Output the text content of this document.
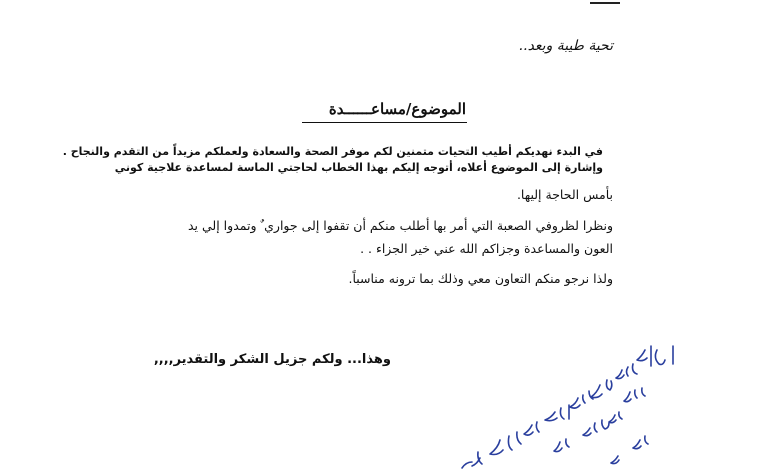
تحية طيبة وبعد..
الموضوع/مساعــــــدة
في البدء نهديكم أطيب التحيات متمنين لكم موفر الصحة والسعادة ولعملكم مزيداً من التقدم والنجاح .
وإشارة إلى الموضوع أعلاه، أتوجه إليكم بهذا الخطاب لحاجتي الماسة لمساعدة علاجية كوني
بأمس الحاجة إليها.
ونظرا لظروفي الصعبة التي أمر بها أطلب منكم أن تقفوا إلى جواري ٌ وتمدوا إلي يد
العون والمساعدة وجزاكم الله عني خير الجزاء . .
ولذا نرجو منكم التعاون معي وذلك بما ترونه مناسباً.
وهذا... ولكم جزيل الشكر والتقدير,,,,
